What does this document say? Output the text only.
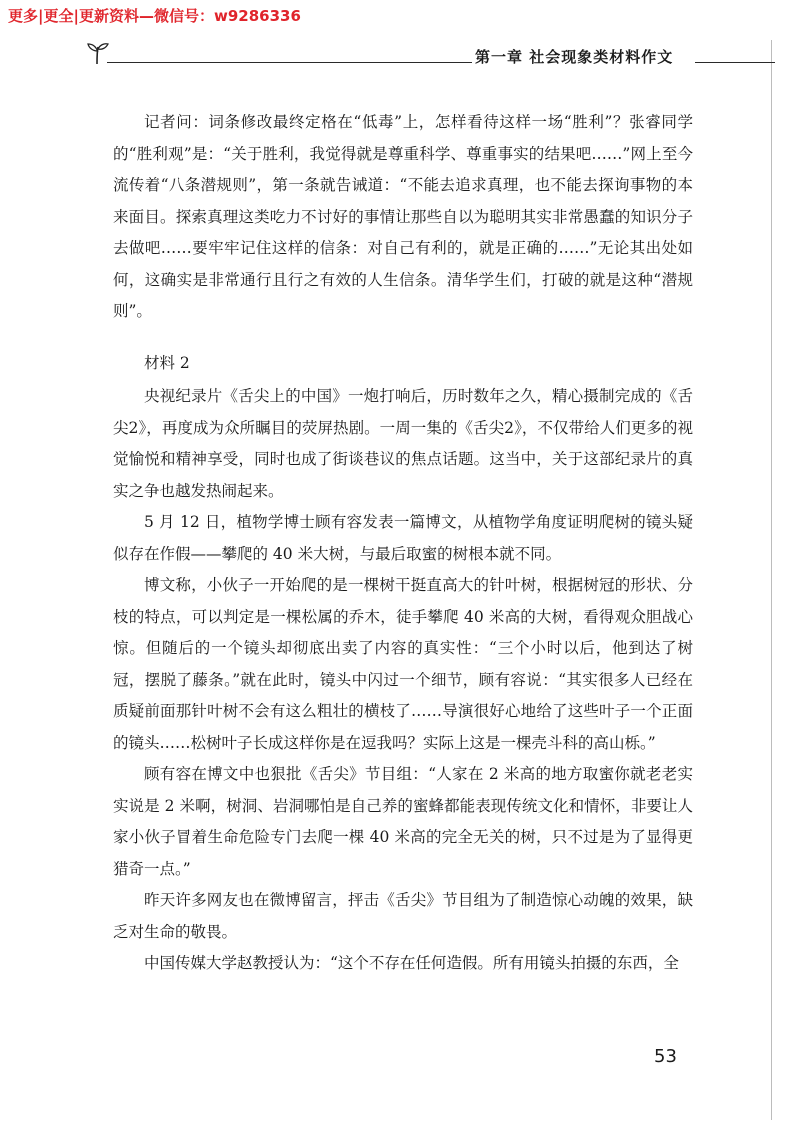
更多|更全|更新资料—微信号：w9286336
第一章 社会现象类材料作文

记者问：词条修改最终定格在“低毒”上，怎样看待这样一场“胜利”？张睿同学的“胜利观”是：“关于胜利，我觉得就是尊重科学、尊重事实的结果吧……”网上至今流传着“八条潜规则”，第一条就告诫道：“不能去追求真理，也不能去探询事物的本来面目。探索真理这类吃力不讨好的事情让那些自以为聪明其实非常愚蠢的知识分子去做吧……要牢牢记住这样的信条：对自己有利的，就是正确的……”无论其出处如何，这确实是非常通行且行之有效的人生信条。清华学生们，打破的就是这种“潜规则”。

材料 2

央视纪录片《舌尖上的中国》一炮打响后，历时数年之久，精心摄制完成的《舌尖2》，再度成为众所瞩目的荧屏热剧。一周一集的《舌尖2》，不仅带给人们更多的视觉愉悦和精神享受，同时也成了街谈巷议的焦点话题。这当中，关于这部纪录片的真实之争也越发热闹起来。

5 月 12 日，植物学博士顾有容发表一篇博文，从植物学角度证明爬树的镜头疑似存在作假——攀爬的 40 米大树，与最后取蜜的树根本就不同。

博文称，小伙子一开始爬的是一棵树干挺直高大的针叶树，根据树冠的形状、分枝的特点，可以判定是一棵松属的乔木，徒手攀爬 40 米高的大树，看得观众胆战心惊。但随后的一个镜头却彻底出卖了内容的真实性：“三个小时以后，他到达了树冠，摆脱了藤条。”就在此时，镜头中闪过一个细节，顾有容说：“其实很多人已经在质疑前面那针叶树不会有这么粗壮的横枝了……导演很好心地给了这些叶子一个正面的镜头……松树叶子长成这样你是在逗我吗？实际上这是一棵壳斗科的高山栎。”

顾有容在博文中也狠批《舌尖》节目组：“人家在 2 米高的地方取蜜你就老老实实说是 2 米啊，树洞、岩洞哪怕是自己养的蜜蜂都能表现传统文化和情怀，非要让人家小伙子冒着生命危险专门去爬一棵 40 米高的完全无关的树，只不过是为了显得更猎奇一点。”

昨天许多网友也在微博留言，抨击《舌尖》节目组为了制造惊心动魄的效果，缺乏对生命的敬畏。

中国传媒大学赵教授认为：“这个不存在任何造假。所有用镜头拍摄的东西，全

53
